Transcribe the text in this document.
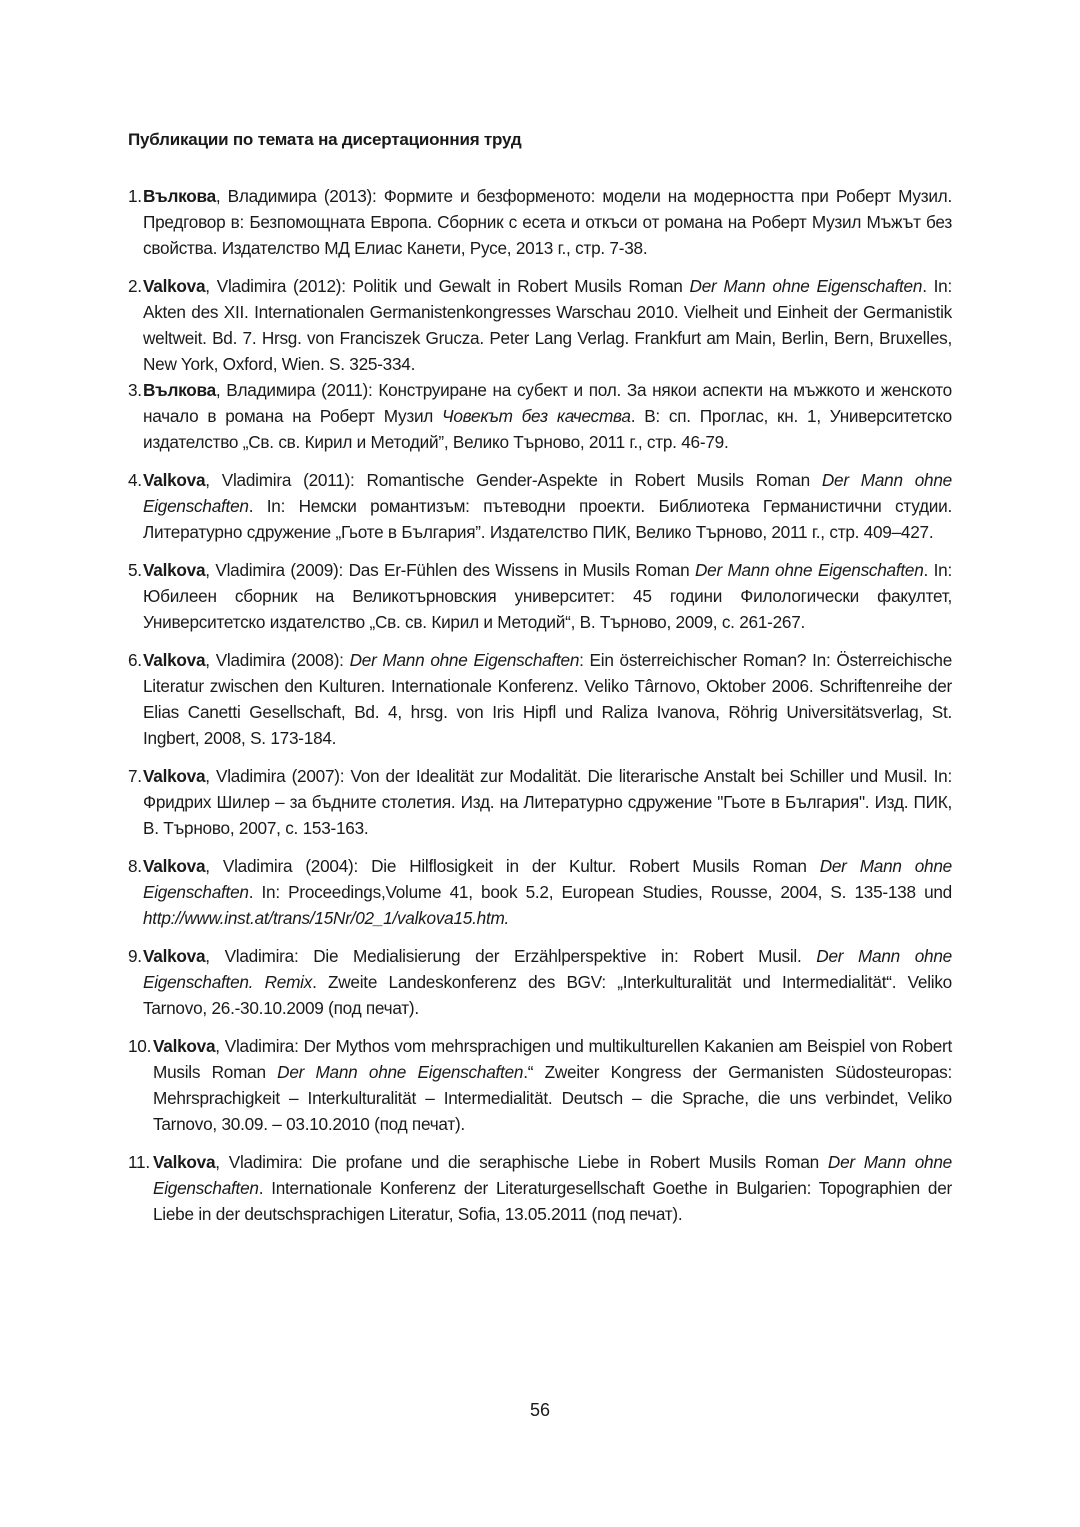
Публикации по темата на дисертационния труд
1. Вълкова, Владимира (2013): Формите и безформеното: модели на модерността при Роберт Музил. Предговор в: Безпомощната Европа. Сборник с есета и откъси от романа на Роберт Музил Мъжът без свойства. Издателство МД Елиас Канети, Русе, 2013 г., стр. 7-38.
2. Valkova, Vladimira (2012): Politik und Gewalt in Robert Musils Roman Der Mann ohne Eigenschaften. In: Akten des XII. Internationalen Germanistenkongresses Warschau 2010. Vielheit und Einheit der Germanistik weltweit. Bd. 7. Hrsg. von Franciszek Grucza. Peter Lang Verlag. Frankfurt am Main, Berlin, Bern, Bruxelles, New York, Oxford, Wien. S. 325-334.
3. Вълкова, Владимира (2011): Конструиране на субект и пол. За някои аспекти на мъжкото и женското начало в романа на Роберт Музил Човекът без качества. В: сп. Проглас, кн. 1, Университетско издателство „Св. св. Кирил и Методий”, Велико Търново, 2011 г., стр. 46-79.
4. Valkova, Vladimira (2011): Romantische Gender-Aspekte in Robert Musils Roman Der Mann ohne Eigenschaften. In: Немски романтизъм: пътеводни проекти. Библиотека Германистични студии. Литературно сдружение „Гьоте в България”. Издателство ПИК, Велико Търново, 2011 г., стр. 409–427.
5. Valkova, Vladimira (2009): Das Er-Fühlen des Wissens in Musils Roman Der Mann ohne Eigenschaften. In: Юбилеен сборник на Великотърновския университет: 45 години Филологически факултет, Университетско издателство „Св. св. Кирил и Методий“, В. Търново, 2009, с. 261-267.
6. Valkova, Vladimira (2008): Der Mann ohne Eigenschaften: Ein österreichischer Roman? In: Österreichische Literatur zwischen den Kulturen. Internationale Konferenz. Veliko Târnovo, Oktober 2006. Schriftenreihe der Elias Canetti Gesellschaft, Bd. 4, hrsg. von Iris Hipfl und Raliza Ivanova, Röhrig Universitätsverlag, St. Ingbert, 2008, S. 173-184.
7. Valkova, Vladimira (2007): Von der Idealität zur Modalität. Die literarische Anstalt bei Schiller und Musil. In: Фридрих Шилер – за бъдните столетия. Изд. на Литературно сдружение "Гьоте в България". Изд. ПИК, В. Търново, 2007, с. 153-163.
8. Valkova, Vladimira (2004): Die Hilflosigkeit in der Kultur. Robert Musils Roman Der Mann ohne Eigenschaften. In: Proceedings,Volume 41, book 5.2, European Studies, Rousse, 2004, S. 135-138 und http://www.inst.at/trans/15Nr/02_1/valkova15.htm.
9. Valkova, Vladimira: Die Medialisierung der Erzählperspektive in: Robert Musil. Der Mann ohne Eigenschaften. Remix. Zweite Landeskonferenz des BGV: „Interkulturalität und Intermedialität“. Veliko Tarnovo, 26.-30.10.2009 (под печат).
10. Valkova, Vladimira: Der Mythos vom mehrsprachigen und multikulturellen Kakanien am Beispiel von Robert Musils Roman Der Mann ohne Eigenschaften.“ Zweiter Kongress der Germanisten Südosteuropas: Mehrsprachigkeit – Interkulturalität – Intermedialität. Deutsch – die Sprache, die uns verbindet, Veliko Tarnovo, 30.09. – 03.10.2010 (под печат).
11. Valkova, Vladimira: Die profane und die seraphische Liebe in Robert Musils Roman Der Mann ohne Eigenschaften. Internationale Konferenz der Literaturgesellschaft Goethe in Bulgarien: Topographien der Liebe in der deutschsprachigen Literatur, Sofia, 13.05.2011 (под печат).
56
